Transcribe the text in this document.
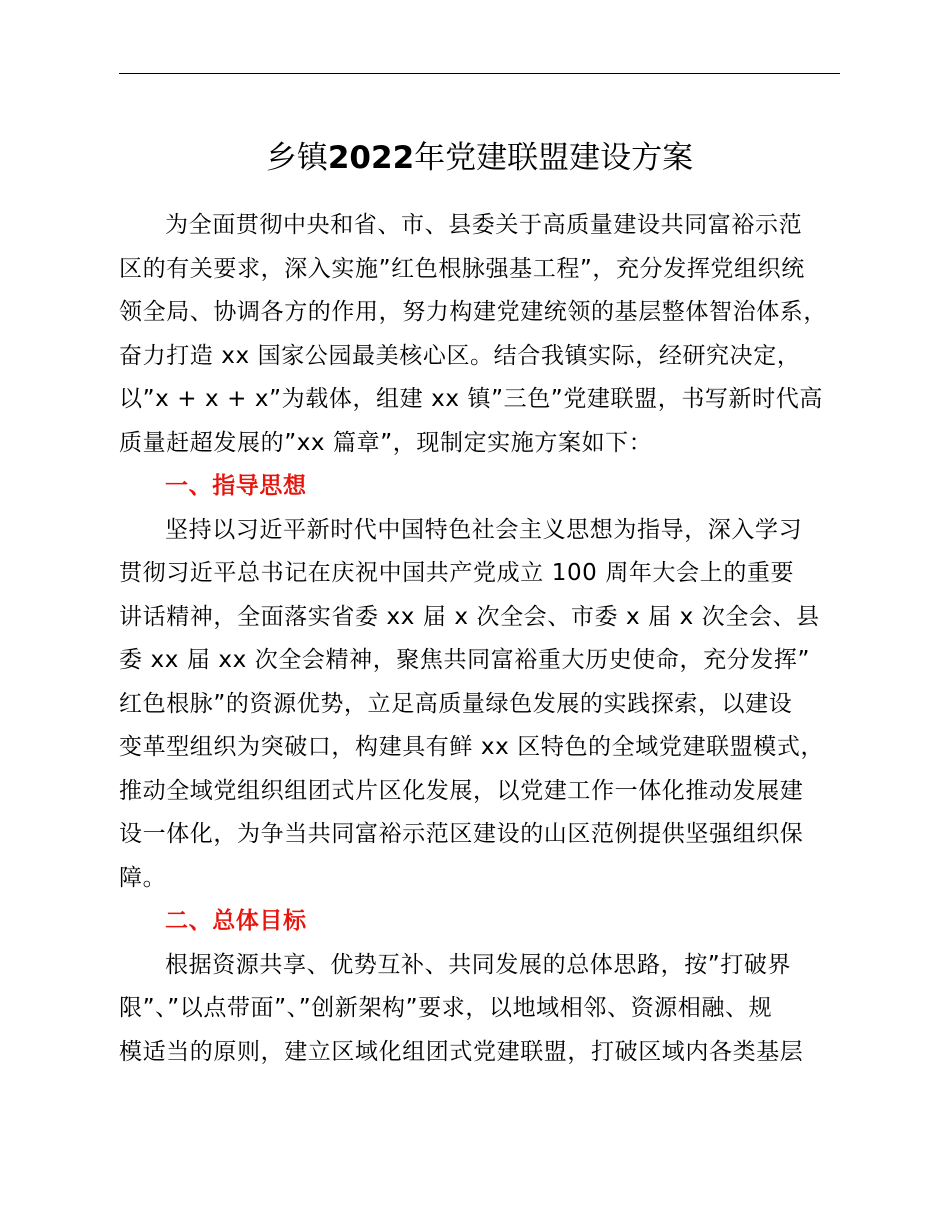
乡镇2022年党建联盟建设方案

为全面贯彻中央和省、市、县委关于高质量建设共同富裕示范
区的有关要求，深入实施”红色根脉强基工程”，充分发挥党组织统
领全局、协调各方的作用，努力构建党建统领的基层整体智治体系，
奋力打造 xx 国家公园最美核心区。结合我镇实际，经研究决定，
以”x + x + x”为载体，组建 xx 镇”三色”党建联盟，书写新时代高
质量赶超发展的”xx 篇章”，现制定实施方案如下：

一、指导思想

坚持以习近平新时代中国特色社会主义思想为指导，深入学习
贯彻习近平总书记在庆祝中国共产党成立 100 周年大会上的重要
讲话精神，全面落实省委 xx 届 x 次全会、市委 x 届 x 次全会、县
委 xx 届 xx 次全会精神，聚焦共同富裕重大历史使命，充分发挥”
红色根脉”的资源优势，立足高质量绿色发展的实践探索，以建设
变革型组织为突破口，构建具有鲜 xx 区特色的全域党建联盟模式，
推动全域党组织组团式片区化发展，以党建工作一体化推动发展建
设一体化，为争当共同富裕示范区建设的山区范例提供坚强组织保
障。

二、总体目标

根据资源共享、优势互补、共同发展的总体思路，按”打破界
限”、”以点带面”、”创新架构”要求，以地域相邻、资源相融、规
模适当的原则，建立区域化组团式党建联盟，打破区域内各类基层
